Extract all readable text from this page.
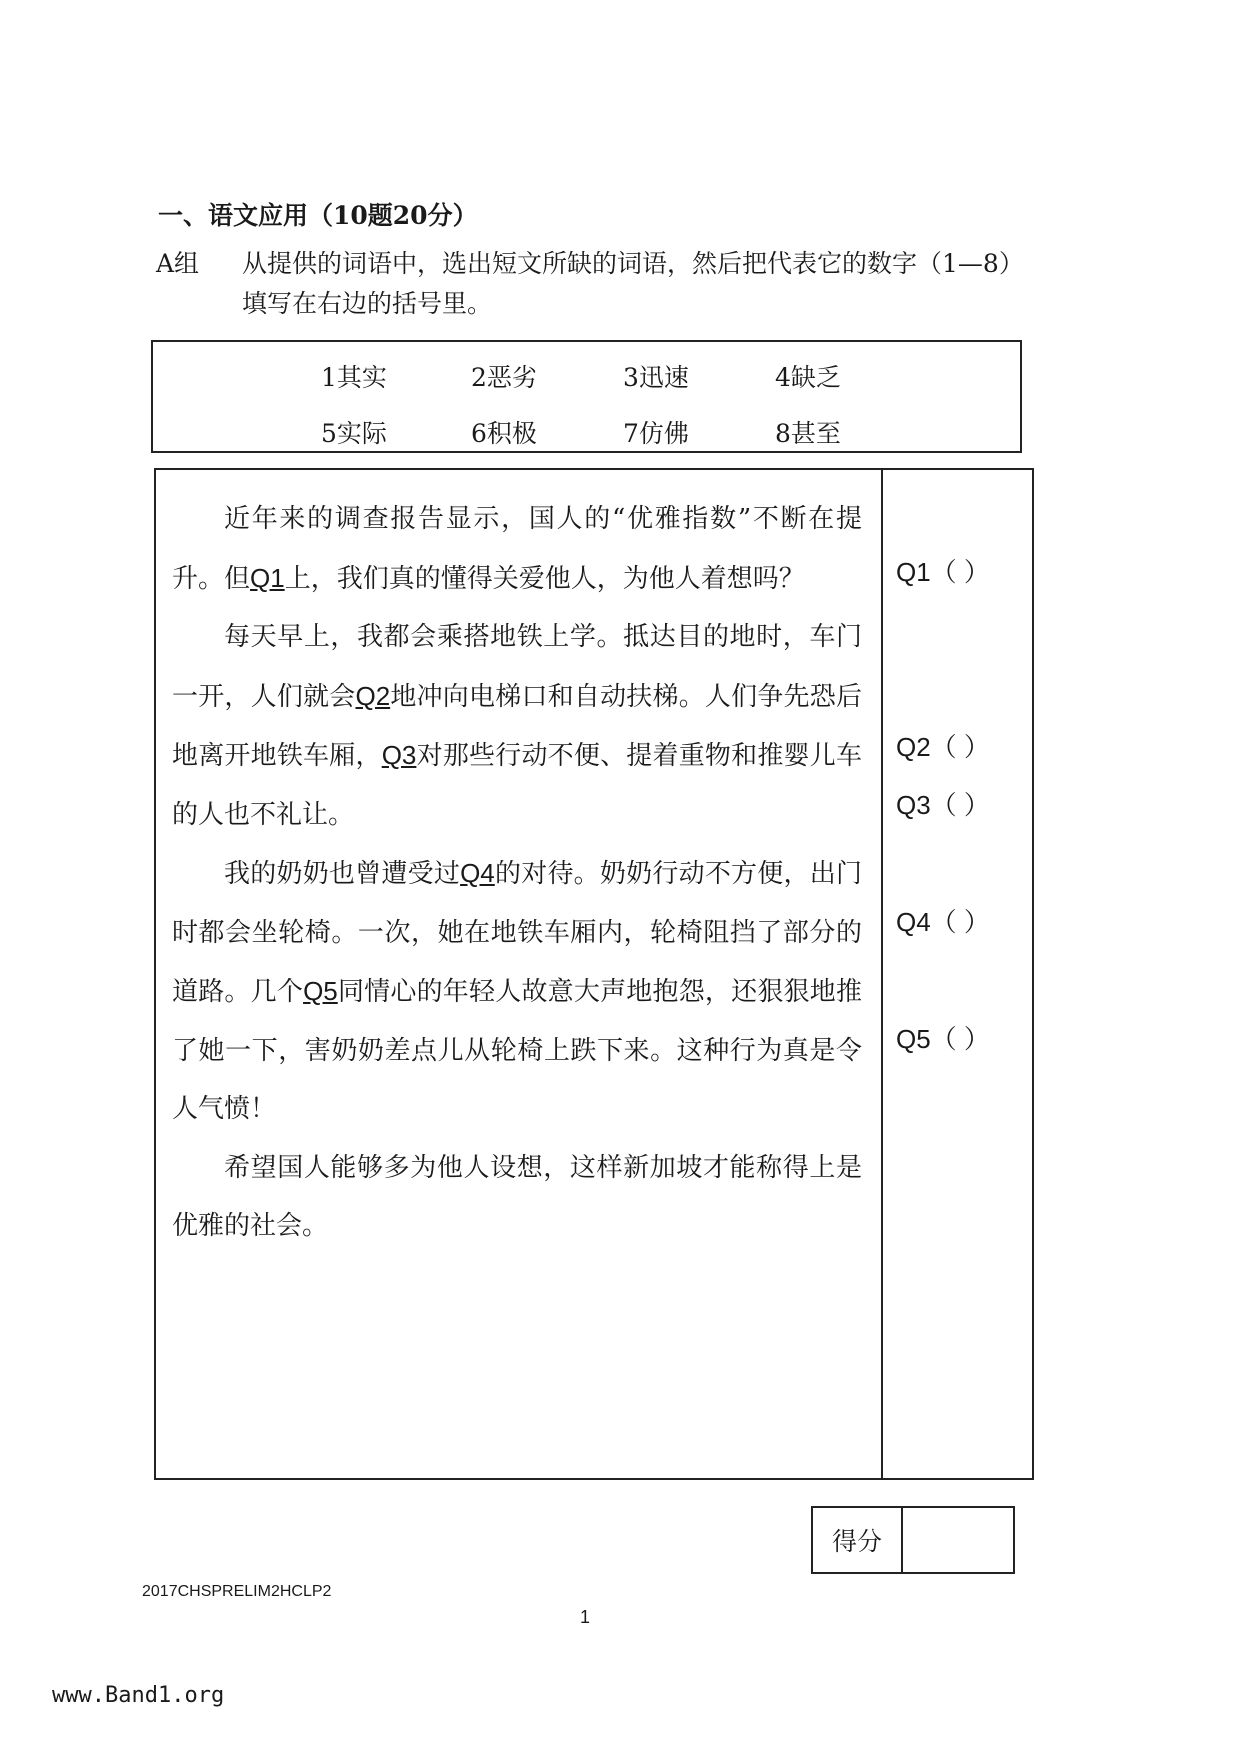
一、语文应用（10题20分）
A组 从提供的词语中，选出短文所缺的词语，然后把代表它的数字（1—8）填写在右边的括号里。
1其实	2恶劣	3迅速	4缺乏
5实际	6积极	7仿佛	8甚至

近年来的调查报告显示，国人的“优雅指数”不断在提升。但Q1上，我们真的懂得关爱他人，为他人着想吗？

每天早上，我都会乘搭地铁上学。抵达目的地时，车门一开，人们就会Q2地冲向电梯口和自动扶梯。人们争先恐后地离开地铁车厢，Q3对那些行动不便、提着重物和推婴儿车的人也不礼让。

我的奶奶也曾遭受过Q4的对待。奶奶行动不方便，出门时都会坐轮椅。一次，她在地铁车厢内，轮椅阻挡了部分的道路。几个Q5同情心的年轻人故意大声地抱怨，还狠狠地推了她一下，害奶奶差点儿从轮椅上跌下来。这种行为真是令人气愤！

希望国人能够多为他人设想，这样新加坡才能称得上是优雅的社会。

Q1（ ）
Q2（ ）
Q3（ ）
Q4（ ）
Q5（ ）
得分
2017CHSPRELIM2HCLP2
1
www.Band1.org
